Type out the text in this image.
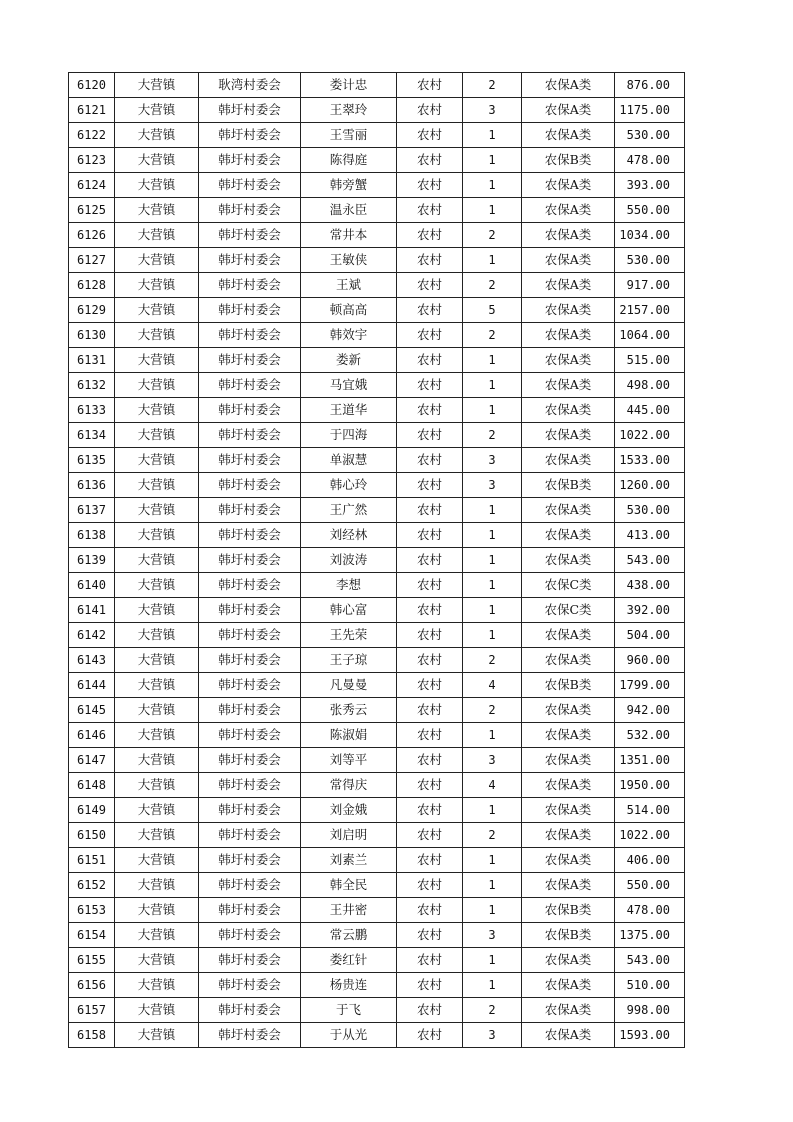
6120	大营镇	耿湾村委会	娄计忠	农村	2	农保A类	876.00
6121	大营镇	韩圩村委会	王翠玲	农村	3	农保A类	1175.00
6122	大营镇	韩圩村委会	王雪丽	农村	1	农保A类	530.00
6123	大营镇	韩圩村委会	陈得庭	农村	1	农保B类	478.00
6124	大营镇	韩圩村委会	韩旁蟹	农村	1	农保A类	393.00
6125	大营镇	韩圩村委会	温永臣	农村	1	农保A类	550.00
6126	大营镇	韩圩村委会	常井本	农村	2	农保A类	1034.00
6127	大营镇	韩圩村委会	王敏侠	农村	1	农保A类	530.00
6128	大营镇	韩圩村委会	王斌	农村	2	农保A类	917.00
6129	大营镇	韩圩村委会	顿高高	农村	5	农保A类	2157.00
6130	大营镇	韩圩村委会	韩效宇	农村	2	农保A类	1064.00
6131	大营镇	韩圩村委会	娄新	农村	1	农保A类	515.00
6132	大营镇	韩圩村委会	马宜娥	农村	1	农保A类	498.00
6133	大营镇	韩圩村委会	王道华	农村	1	农保A类	445.00
6134	大营镇	韩圩村委会	于四海	农村	2	农保A类	1022.00
6135	大营镇	韩圩村委会	单淑慧	农村	3	农保A类	1533.00
6136	大营镇	韩圩村委会	韩心玲	农村	3	农保B类	1260.00
6137	大营镇	韩圩村委会	王广然	农村	1	农保A类	530.00
6138	大营镇	韩圩村委会	刘经林	农村	1	农保A类	413.00
6139	大营镇	韩圩村委会	刘波涛	农村	1	农保A类	543.00
6140	大营镇	韩圩村委会	李想	农村	1	农保C类	438.00
6141	大营镇	韩圩村委会	韩心富	农村	1	农保C类	392.00
6142	大营镇	韩圩村委会	王先荣	农村	1	农保A类	504.00
6143	大营镇	韩圩村委会	王子琼	农村	2	农保A类	960.00
6144	大营镇	韩圩村委会	凡曼曼	农村	4	农保B类	1799.00
6145	大营镇	韩圩村委会	张秀云	农村	2	农保A类	942.00
6146	大营镇	韩圩村委会	陈淑娟	农村	1	农保A类	532.00
6147	大营镇	韩圩村委会	刘等平	农村	3	农保A类	1351.00
6148	大营镇	韩圩村委会	常得庆	农村	4	农保A类	1950.00
6149	大营镇	韩圩村委会	刘金娥	农村	1	农保A类	514.00
6150	大营镇	韩圩村委会	刘启明	农村	2	农保A类	1022.00
6151	大营镇	韩圩村委会	刘素兰	农村	1	农保A类	406.00
6152	大营镇	韩圩村委会	韩全民	农村	1	农保A类	550.00
6153	大营镇	韩圩村委会	王井密	农村	1	农保B类	478.00
6154	大营镇	韩圩村委会	常云鹏	农村	3	农保B类	1375.00
6155	大营镇	韩圩村委会	娄红针	农村	1	农保A类	543.00
6156	大营镇	韩圩村委会	杨贵连	农村	1	农保A类	510.00
6157	大营镇	韩圩村委会	于飞	农村	2	农保A类	998.00
6158	大营镇	韩圩村委会	于从光	农村	3	农保A类	1593.00
